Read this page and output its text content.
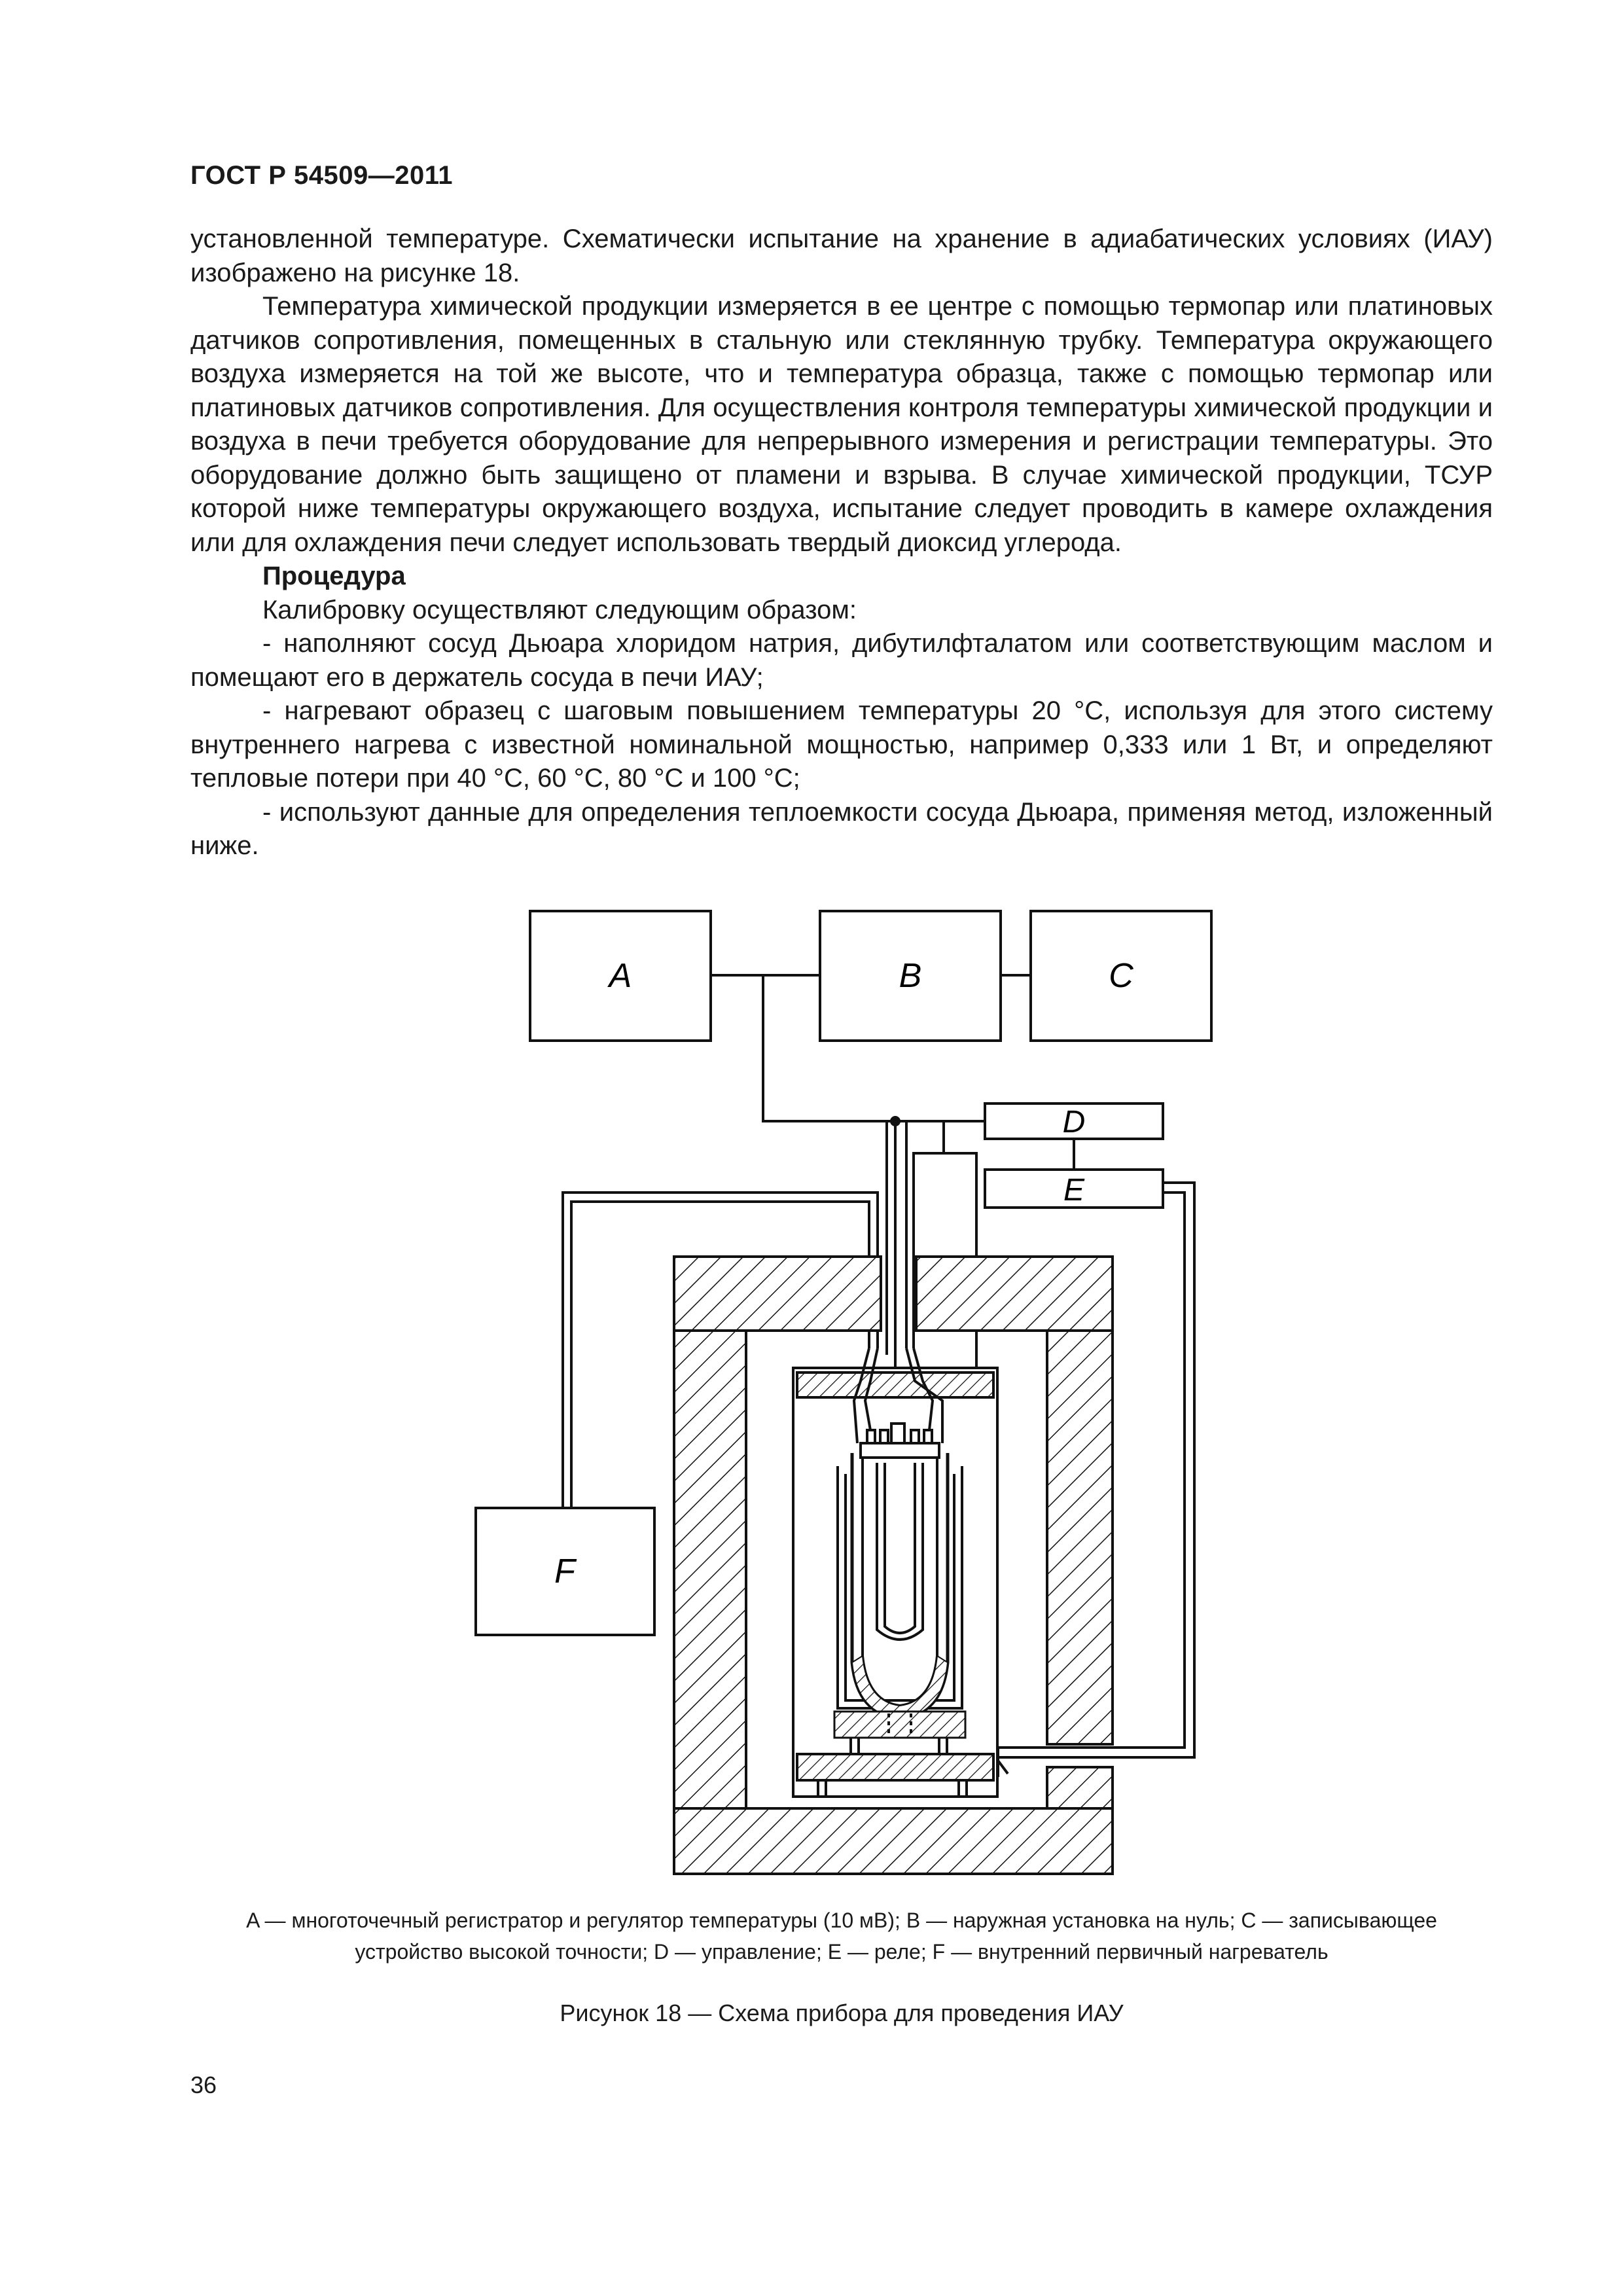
ГОСТ Р 54509—2011

установленной температуре. Схематически испытание на хранение в адиабатических условиях (ИАУ) изображено на рисунке 18.

Температура химической продукции измеряется в ее центре с помощью термопар или платиновых датчиков сопротивления, помещенных в стальную или стеклянную трубку. Температура окружающего воздуха измеряется на той же высоте, что и температура образца, также с помощью термопар или платиновых датчиков сопротивления. Для осуществления контроля температуры химической продукции и воздуха в печи требуется оборудование для непрерывного измерения и регистрации температуры. Это оборудование должно быть защищено от пламени и взрыва. В случае химической продукции, ТСУР которой ниже температуры окружающего воздуха, испытание следует проводить в камере охлаждения или для охлаждения печи следует использовать твердый диоксид углерода.

Процедура

Калибровку осуществляют следующим образом:

- наполняют сосуд Дьюара хлоридом натрия, дибутилфталатом или соответствующим маслом и помещают его в держатель сосуда в печи ИАУ;

- нагревают образец с шаговым повышением температуры 20 °С, используя для этого систему внутреннего нагрева с известной номинальной мощностью, например 0,333 или 1 Вт, и определяют тепловые потери при 40 °С, 60 °С, 80 °С и 100 °С;

- используют данные для определения теплоемкости сосуда Дьюара, применяя метод, изложенный ниже.

A	B	C
D
E
F
A — многоточечный регистратор и регулятор температуры (10 мВ); B — наружная установка на нуль; C — записывающее устройство высокой точности; D — управление; E — реле; F — внутренний первичный нагреватель
Рисунок 18 — Схема прибора для проведения ИАУ
36
